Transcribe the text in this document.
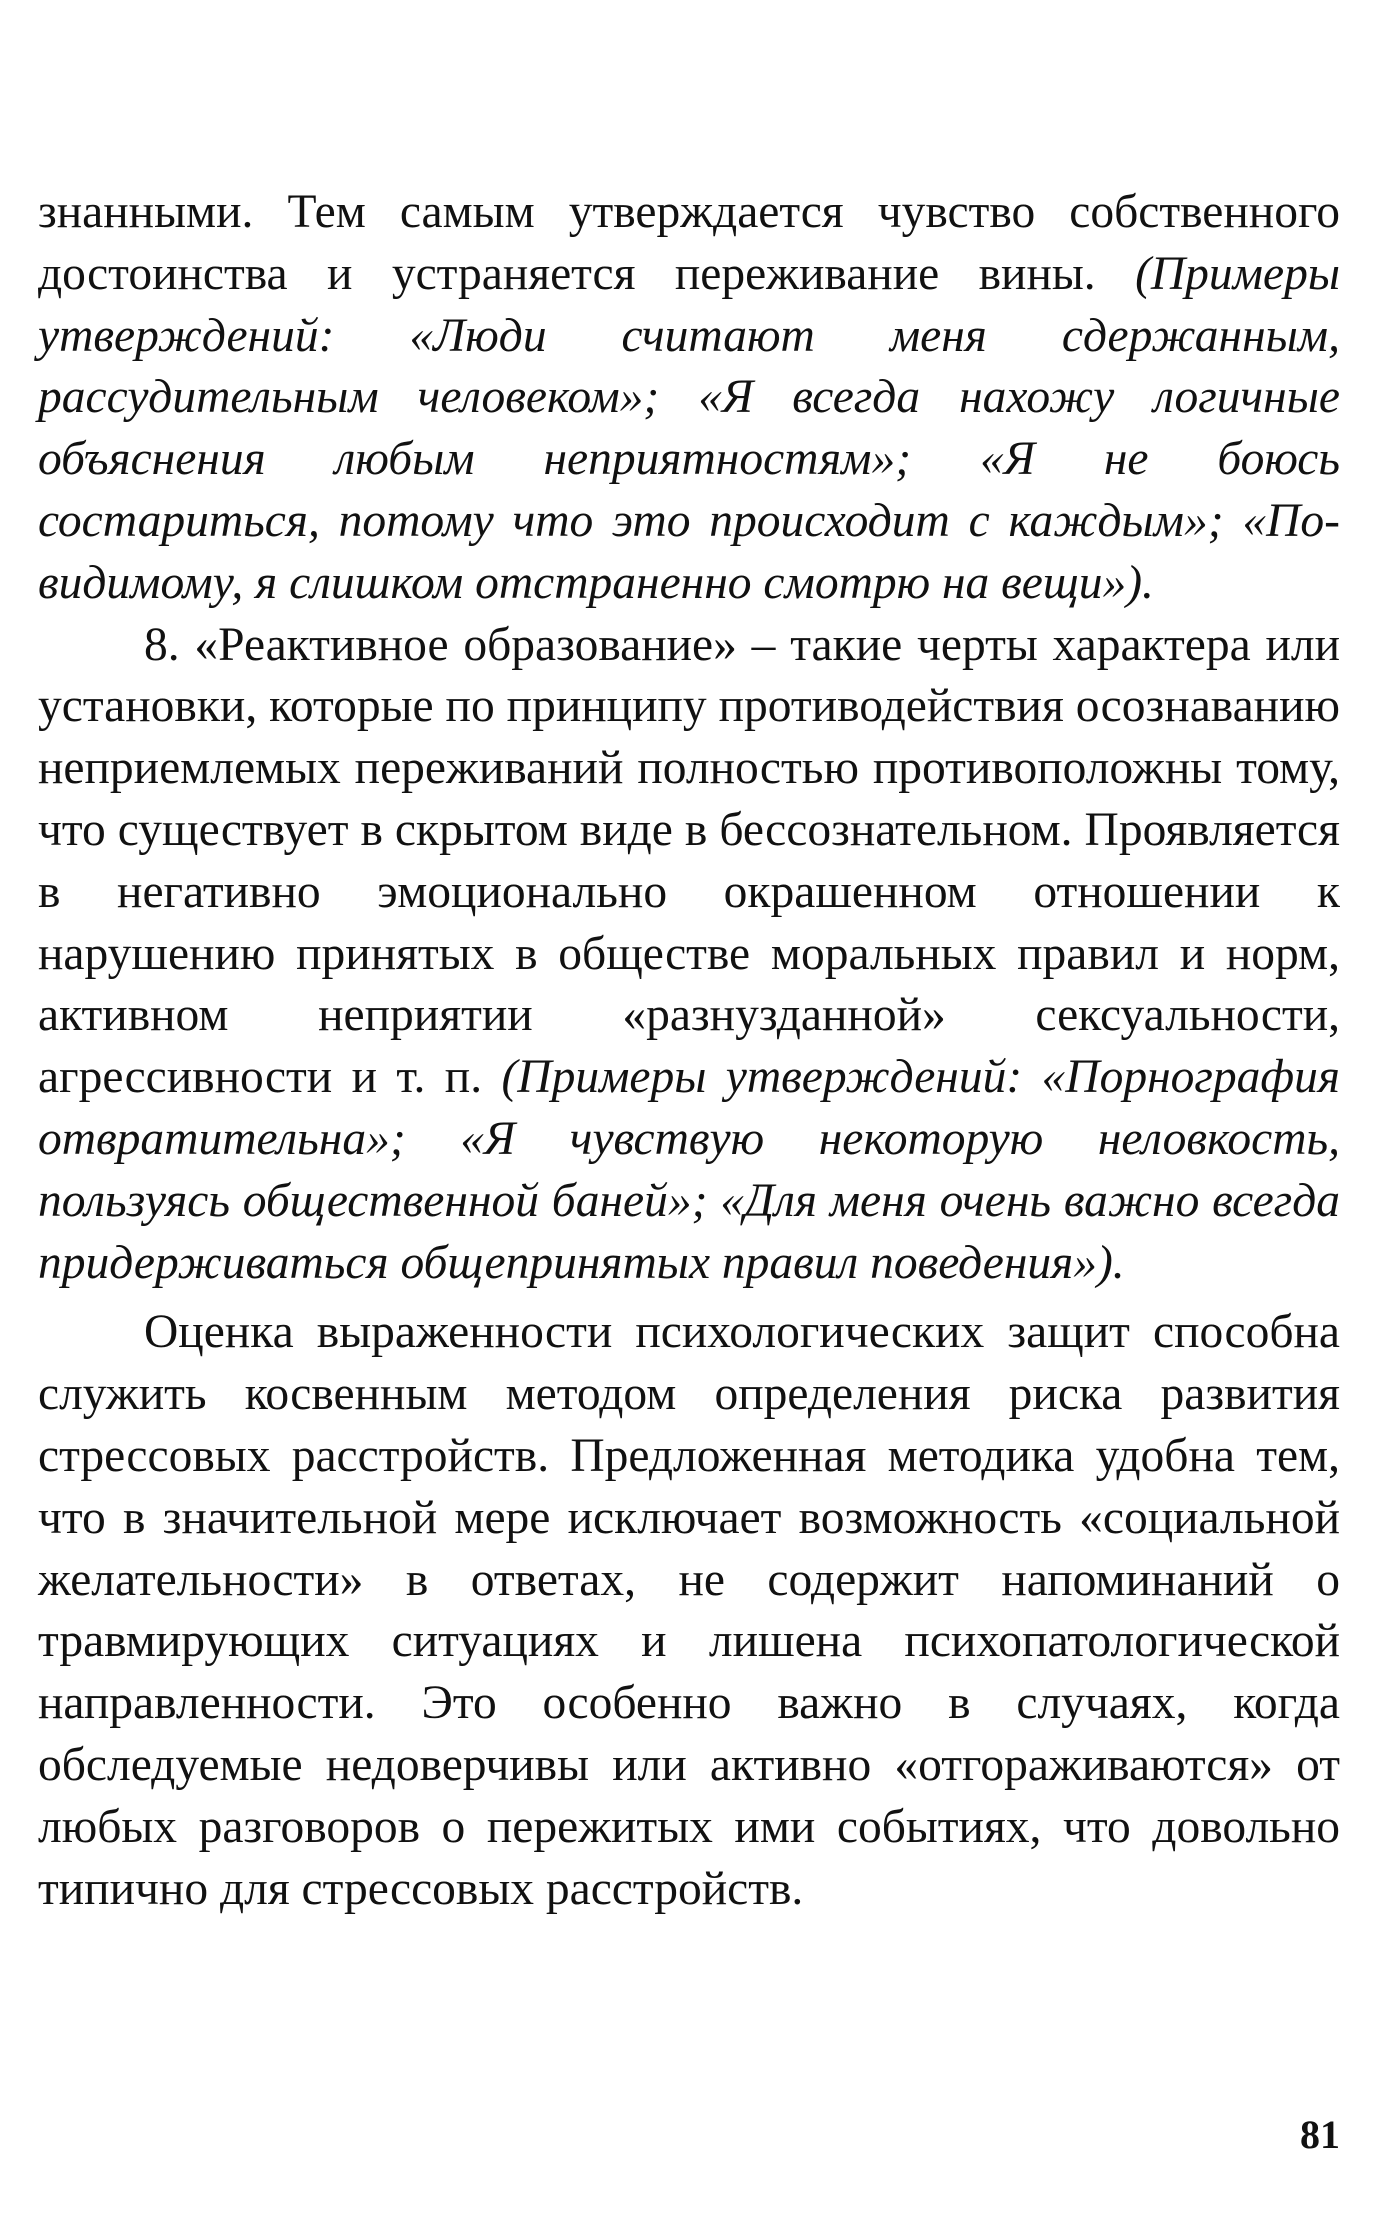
знанными. Тем самым утверждается чувство собственного достоинства и устраняется переживание вины. (Примеры утверждений: «Люди считают меня сдержанным, рассудительным человеком»; «Я всегда нахожу логичные объяснения любым неприятностям»; «Я не боюсь состариться, потому что это происходит с каждым»; «По-видимому, я слишком отстраненно смотрю на вещи»).

8. «Реактивное образование» – такие черты характера или установки, которые по принципу противодействия осознаванию неприемлемых переживаний полностью противоположны тому, что существует в скрытом виде в бессознательном. Проявляется в негативно эмоционально окрашенном отношении к нарушению принятых в обществе моральных правил и норм, активном неприятии «разнузданной» сексуальности, агрессивности и т. п. (Примеры утверждений: «Порнография отвратительна»; «Я чувствую некоторую неловкость, пользуясь общественной баней»; «Для меня очень важно всегда придерживаться общепринятых правил поведения»).

Оценка выраженности психологических защит способна служить косвенным методом определения риска развития стрессовых расстройств. Предложенная методика удобна тем, что в значительной мере исключает возможность «социальной желательности» в ответах, не содержит напоминаний о травмирующих ситуациях и лишена психопатологической направленности. Это особенно важно в случаях, когда обследуемые недоверчивы или активно «отгораживаются» от любых разговоров о пережитых ими событиях, что довольно типично для стрессовых расстройств.

81
